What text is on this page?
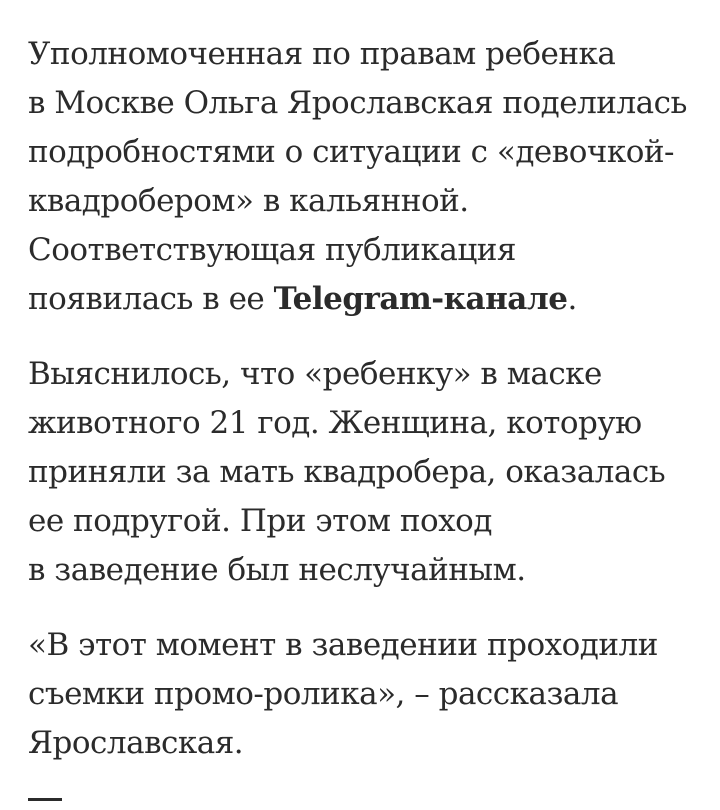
Уполномоченная по правам ребенка
в Москве Ольга Ярославская поделилась
подробностями о ситуации с «девочкой-
квадробером» в кальянной.
Соответствующая публикация
появилась в ее Telegram-канале.

Выяснилось, что «ребенку» в маске
животного 21 год. Женщина, которую
приняли за мать квадробера, оказалась
ее подругой. При этом поход
в заведение был неслучайным.

«В этот момент в заведении проходили
съемки промо-ролика», – рассказала
Ярославская.
